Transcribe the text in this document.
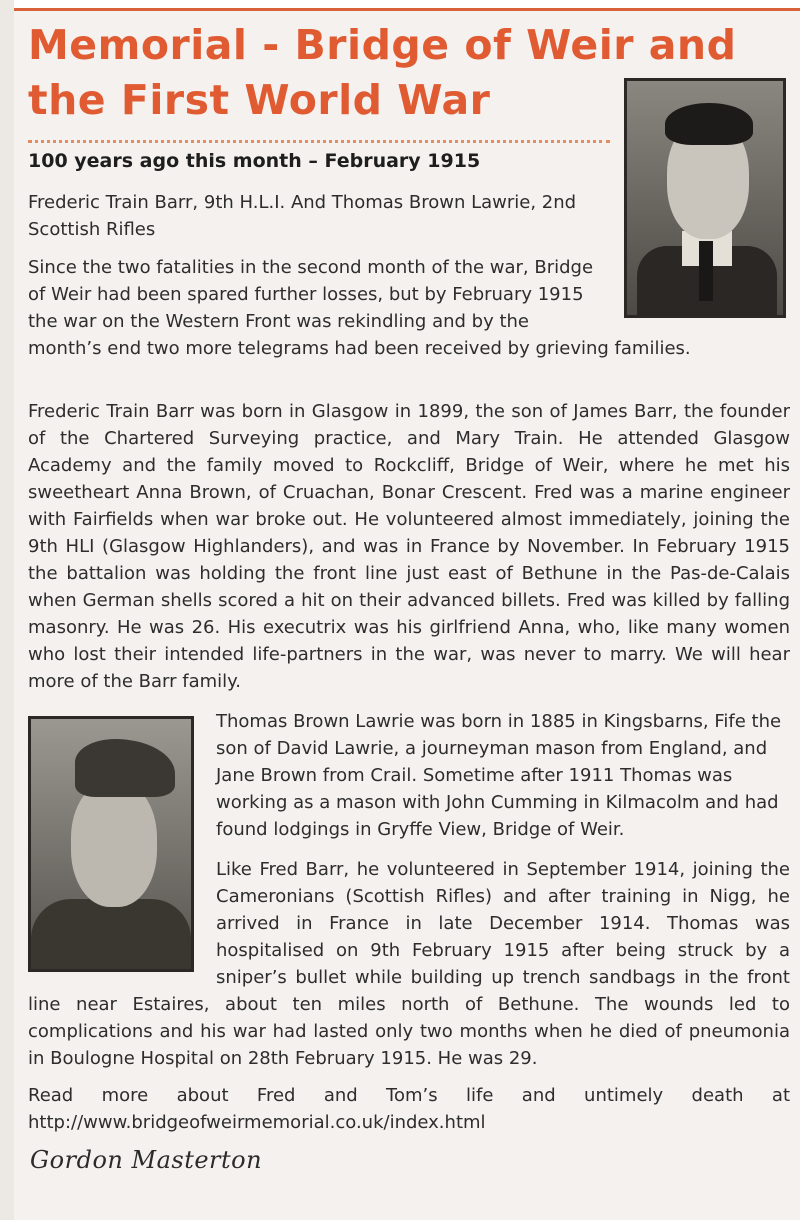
Memorial - Bridge of Weir and the First World War
100 years ago this month – February 1915

Frederic Train Barr, 9th H.L.I. And Thomas Brown Lawrie, 2nd Scottish Rifles

Since the two fatalities in the second month of the war, Bridge of Weir had been spared further losses, but by February 1915 the war on the Western Front was rekindling and by the month’s end two more telegrams had been received by grieving families.

Frederic Train Barr was born in Glasgow in 1899, the son of James Barr, the founder of the Chartered Surveying practice, and Mary Train. He attended Glasgow Academy and the family moved to Rockcliff, Bridge of Weir, where he met his sweetheart Anna Brown, of Cruachan, Bonar Crescent. Fred was a marine engineer with Fairfields when war broke out. He volunteered almost immediately, joining the 9th HLI (Glasgow Highlanders), and was in France by November. In February 1915 the battalion was holding the front line just east of Bethune in the Pas-de-Calais when German shells scored a hit on their advanced billets. Fred was killed by falling masonry. He was 26. His executrix was his girlfriend Anna, who, like many women who lost their intended life-partners in the war, was never to marry. We will hear more of the Barr family.

Thomas Brown Lawrie was born in 1885 in Kingsbarns, Fife the son of David Lawrie, a journeyman mason from England, and Jane Brown from Crail. Sometime after 1911 Thomas was working as a mason with John Cumming in Kilmacolm and had found lodgings in Gryffe View, Bridge of Weir.

Like Fred Barr, he volunteered in September 1914, joining the Cameronians (Scottish Rifles) and after training in Nigg, he arrived in France in late December 1914. Thomas was hospitalised on 9th February 1915 after being struck by a sniper’s bullet while building up trench sandbags in the front line near Estaires, about ten miles north of Bethune. The wounds led to complications and his war had lasted only two months when he died of pneumonia in Boulogne Hospital on 28th February 1915. He was 29.

Read more about Fred and Tom’s life and untimely death at http://www.bridgeofweirmemorial.co.uk/index.html

Gordon Masterton
